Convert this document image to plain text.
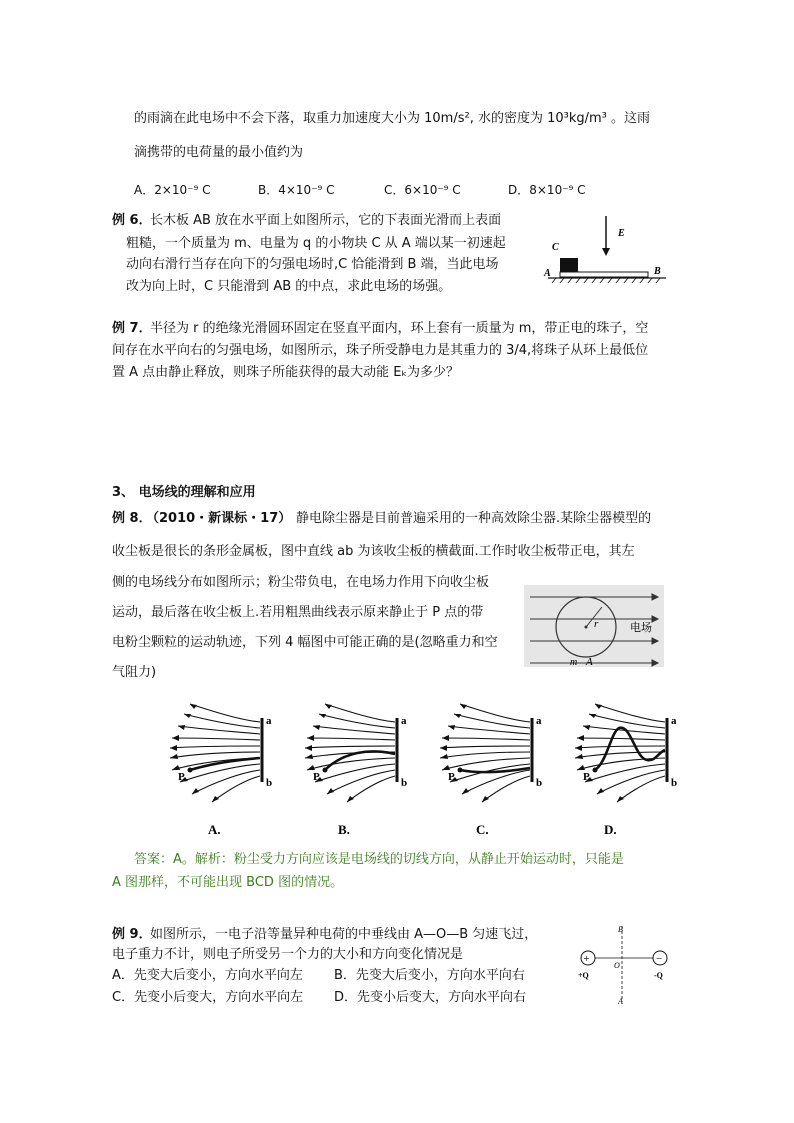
的雨滴在此电场中不会下落，取重力加速度大小为 10m/s², 水的密度为 10³kg/m³ 。这雨
滴携带的电荷量的最小值约为
A．2×10⁻⁹ C	B．4×10⁻⁹ C	C．6×10⁻⁹ C	D．8×10⁻⁹ C
例 6．
长木板 AB 放在水平面上如图所示，它的下表面光滑而上表面
粗糙，一个质量为 m、电量为 q 的小物块 C 从 A 端以某一初速起
动向右滑行当存在向下的匀强电场时,C 恰能滑到 B 端，当此电场
改为向上时，C 只能滑到 AB 的中点，求此电场的场强。
E
C
A	B
例 7．
半径为 r 的绝缘光滑圆环固定在竖直平面内，环上套有一质量为 m，带正电的珠子，空
间存在水平向右的匀强电场，如图所示，珠子所受静电力是其重力的 3/4,将珠子从环上最低位
置 A 点由静止释放，则珠子所能获得的最大动能 Eₖ为多少？
3、 电场线的理解和应用
例 8．
（2010・新课标・17） 静电除尘器是目前普遍采用的一种高效除尘器.某除尘器模型的
收尘板是很长的条形金属板，图中直线 ab 为该收尘板的横截面.工作时收尘板带正电，其左
侧的电场线分布如图所示；粉尘带负电，在电场力作用下向收尘板
运动，最后落在收尘板上.若用粗黑曲线表示原来静止于 P 点的带
电粉尘颗粒的运动轨迹，下列 4 幅图中可能正确的是(忽略重力和空
气阻力)
r	电场
m A
a
b
P
A.	B.	C.	D.
答案：A。解析：粉尘受力方向应该是电场线的切线方向，从静止开始运动时，只能是
A 图那样，不可能出现 BCD 图的情况。
例 9．
如图所示，一电子沿等量异种电荷的中垂线由 A—O—B 匀速飞过，
电子重力不计，则电子所受另一个力的大小和方向变化情况是
A．先变大后变小，方向水平向左 B．先变大后变小，方向水平向右
C．先变小后变大，方向水平向左 D．先变小后变大，方向水平向右
+	−
B
O
A
+Q	-Q
